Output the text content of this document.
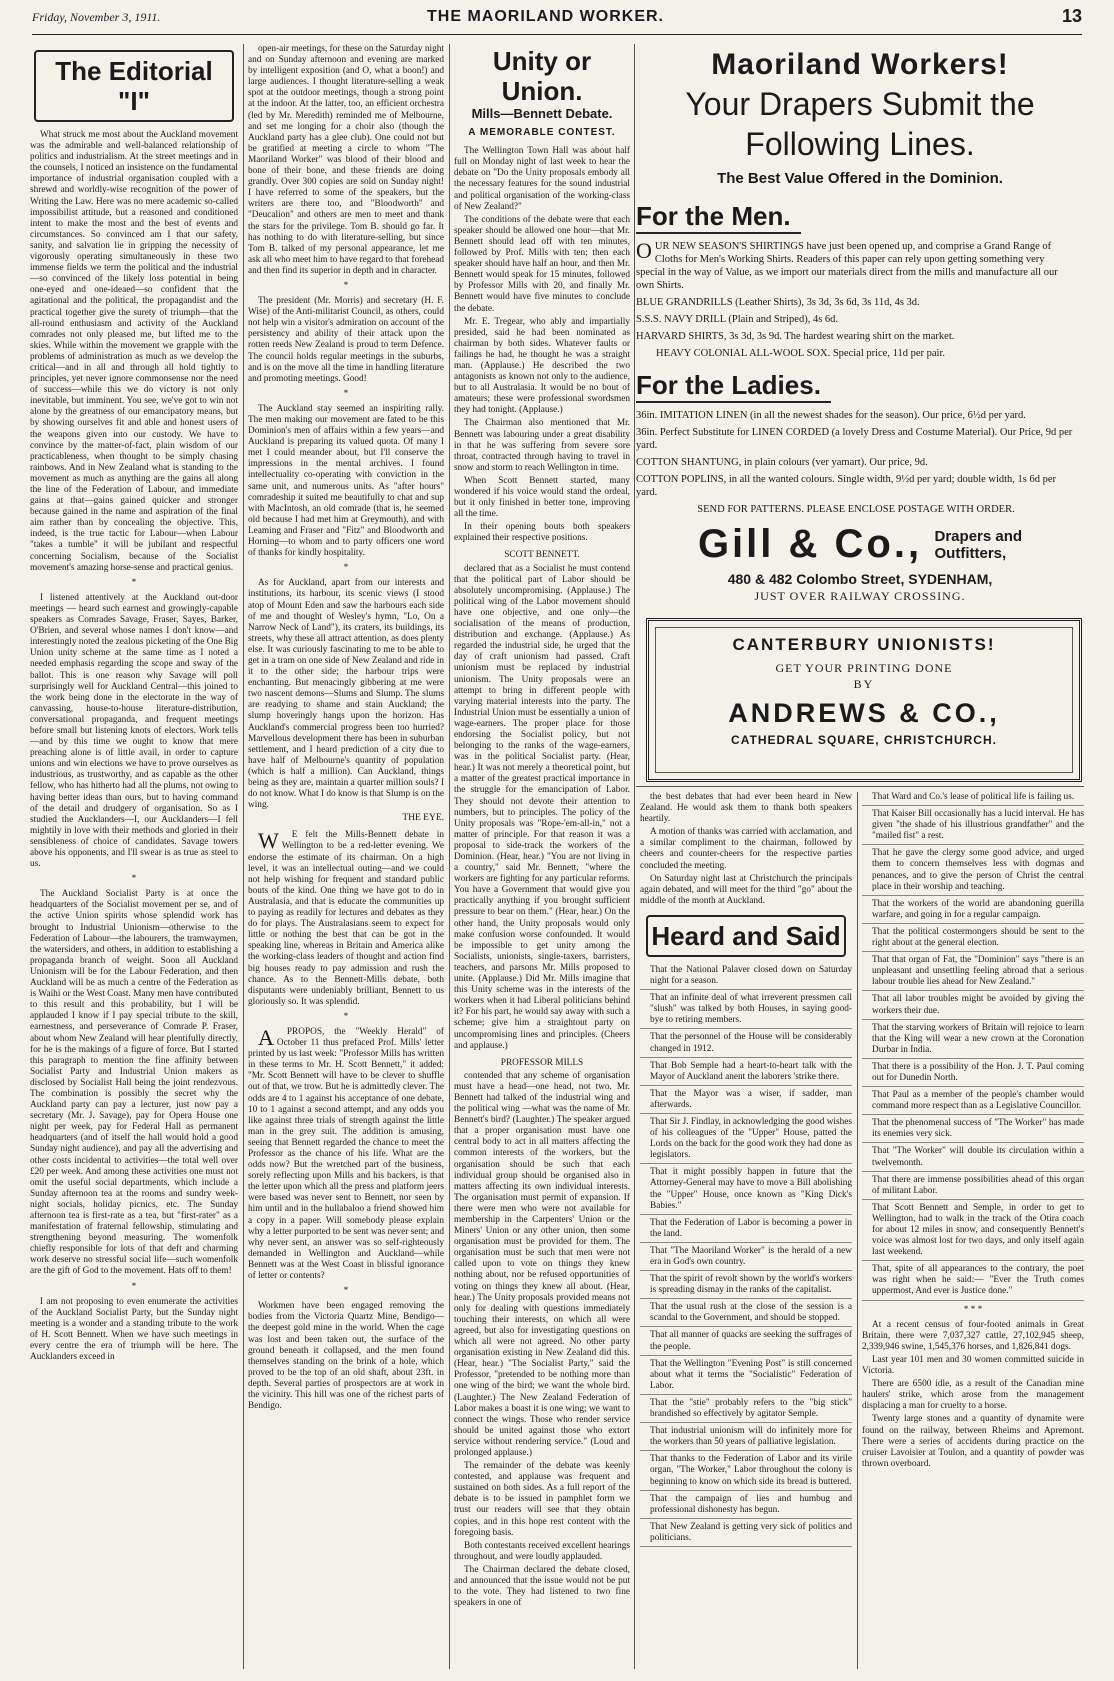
Friday, November 3, 1911.	THE MAORILAND WORKER.	13
The Editorial "I"

What struck me most about the Auckland movement was the admirable and well-balanced relationship of politics and industrialism. At the street meetings and in the counsels, I noticed an insistence on the fundamental importance of industrial organisation coupled with a shrewd and worldly-wise recognition of the power of Writing the Law. Here was no mere academic so-called impossibilist attitude, but a reasoned and conditioned intent to make the most and the best of events and circumstances. So convinced am I that our safety, sanity, and salvation lie in gripping the necessity of vigorously operating simultaneously in these two immense fields we term the political and the industrial—so convinced of the likely loss potential in being one-eyed and one-ideaed—so confident that the agitational and the political, the propagandist and the practical together give the surety of triumph—that the all-round enthusiasm and activity of the Auckland comrades not only pleased me, but lifted me to the skies. While within the movement we grapple with the problems of administration as much as we develop the critical—and in all and through all hold tightly to principles, yet never ignore commonsense nor the need of success—while this we do victory is not only inevitable, but imminent. You see, we've got to win not alone by the greatness of our emancipatory means, but by showing ourselves fit and able and honest users of the weapons given into our custody. We have to convince by the matter-of-fact, plain wisdom of our practicableness, when thought to be simply chasing rainbows. And in New Zealand what is standing to the movement as much as anything are the gains all along the line of the Federation of Labour, and immediate gains at that—gains gained quicker and stronger because gained in the name and aspiration of the final aim rather than by concealing the objective. This, indeed, is the true tactic for Labour—when Labour "takes a tumble" it will be jubilant and respectful concerning Socialism, because of the Socialist movement's amazing horse-sense and practical genius.

*

I listened attentively at the Auckland out-door meetings — heard such earnest and growingly-capable speakers as Comrades Savage, Fraser, Sayes, Barker, O'Brien, and several whose names I don't know—and interestingly noted the zealous picketing of the One Big Union unity scheme at the same time as I noted a needed emphasis regarding the scope and sway of the ballot. This is one reason why Savage will poll surprisingly well for Auckland Central—this joined to the work being done in the electorate in the way of canvassing, house-to-house literature-distribution, conversational propaganda, and frequent meetings before small but listening knots of electors. Work tells—and by this time we ought to know that mere preaching alone is of little avail, in order to capture unions and win elections we have to prove ourselves as industrious, as trustworthy, and as capable as the other fellow, who has hitherto had all the plums, not owing to having better ideas than ours, but to having command of the detail and drudgery of organisation. So as I studied the Aucklanders—I, our Aucklanders—I fell mightily in love with their methods and gloried in their sensibleness of choice of candidates. Savage towers above his opponents, and I'll swear is as true as steel to us.

*

The Auckland Socialist Party is at once the headquarters of the Socialist movement per se, and of the active Union spirits whose splendid work has brought to Industrial Unionism—otherwise to the Federation of Labour—the labourers, the tramwaymen, the watersiders, and others, in addition to establishing a propaganda branch of weight. Soon all Auckland Unionism will be for the Labour Federation, and then Auckland will be as much a centre of the Federation as is Waihi or the West Coast. Many men have contributed to this result and this probability, but I will be applauded I know if I pay special tribute to the skill, earnestness, and perseverance of Comrade P. Fraser, about whom New Zealand will hear plentifully directly, for he is the makings of a figure of force. But I started this paragraph to mention the fine affinity between Socialist Party and Industrial Union makers as disclosed by Socialist Hall being the joint rendezvous. The combination is possibly the secret why the Auckland party can pay a lecturer, just now pay a secretary (Mr. J. Savage), pay for Opera House one night per week, pay for Federal Hall as permanent headquarters (and of itself the hall would hold a good Sunday night audience), and pay all the advertising and other costs incidental to activities—the total well over £20 per week. And among these activities one must not omit the useful social departments, which include a Sunday afternoon tea at the rooms and sundry week-night socials, holiday picnics, etc. The Sunday afternoon tea is first-rate as a tea, but "first-rater" as a manifestation of fraternal fellowship, stimulating and strengthening beyond measuring. The womenfolk chiefly responsible for lots of that deft and charming work deserve no stressful social life—such womenfolk are the gift of God to the movement. Hats off to them!

*

I am not proposing to even enumerate the activities of the Auckland Socialist Party, but the Sunday night meeting is a wonder and a standing tribute to the work of H. Scott Bennett. When we have such meetings in every centre the era of triumph will be here. The Aucklanders exceed in

open-air meetings, for these on the Saturday night and on Sunday afternoon and evening are marked by intelligent exposition (and O, what a boon!) and large audiences. I thought literature-selling a weak spot at the outdoor meetings, though a strong point at the indoor. At the latter, too, an efficient orchestra (led by Mr. Meredith) reminded me of Melbourne, and set me longing for a choir also (though the Auckland party has a glee club). One could not but be gratified at meeting a circle to whom "The Maoriland Worker" was blood of their blood and bone of their bone, and these friends are doing grandly. Over 300 copies are sold on Sunday night! I have referred to some of the speakers, but the writers are there too, and "Bloodworth" and "Deucalion" and others are men to meet and thank the stars for the privilege. Tom B. should go far. It has nothing to do with literature-selling, but since Tom B. talked of my personal appearance, let me ask all who meet him to have regard to that forehead and then find its superior in depth and in character.

*

The president (Mr. Morris) and secretary (H. F. Wise) of the Anti-militarist Council, as others, could not help win a visitor's admiration on account of the persistency and ability of their attack upon the rotten reeds New Zealand is proud to term Defence. The council holds regular meetings in the suburbs, and is on the move all the time in handling literature and promoting meetings. Good!

*

The Auckland stay seemed an inspiriting rally. The men making our movement are fated to be this Dominion's men of affairs within a few years—and Auckland is preparing its valued quota. Of many I met I could meander about, but I'll conserve the impressions in the mental archives. I found intellectuality co-operating with conviction in the same unit, and numerous units. As "after hours" comradeship it suited me beautifully to chat and sup with MacIntosh, an old comrade (that is, he seemed old because I had met him at Greymouth), and with Leaming and Fraser and "Fitz" and Bloodworth and Horning—to whom and to party officers one word of thanks for kindly hospitality.

*

As for Auckland, apart from our interests and institutions, its harbour, its scenic views (I stood atop of Mount Eden and saw the harbours each side of me and thought of Wesley's hymn, "Lo, On a Narrow Neck of Land"), its craters, its buildings, its streets, why these all attract attention, as does plenty else. It was curiously fascinating to me to be able to get in a tram on one side of New Zealand and ride in it to the other side; the harbour trips were enchanting. But menacingly gibbering at me were two nascent demons—Slums and Slump. The slums are readying to shame and stain Auckland; the slump hoveringly hangs upon the horizon. Has Auckland's commercial progress been too hurried? Marvellous development there has been in suburban settlement, and I heard prediction of a city due to have half of Melbourne's quantity of population (which is half a million). Can Auckland, things being as they are, maintain a quarter million souls? I do not know. What I do know is that Slump is on the wing.

THE EYE.

W E felt the Mills-Bennett debate in Wellington to be a red-letter evening. We endorse the estimate of its chairman. On a high level, it was an intellectual outing—and we could not help wishing for frequent and standard public bouts of the kind. One thing we have got to do in Australasia, and that is educate the communities up to paying as readily for lectures and debates as they do for plays. The Australasians seem to expect for little or nothing the best that can be got in the speaking line, whereas in Britain and America alike the working-class leaders of thought and action find big houses ready to pay admission and rush the chance. As to the Bennett-Mills debate, both disputants were undeniably brilliant, Bennett to us gloriously so. It was splendid.

*

A PROPOS, the "Weekly Herald" of October 11 thus prefaced Prof. Mills' letter printed by us last week: "Professor Mills has written in these terms to Mr. H. Scott Bennett," it added: "Mr. Scott Bennett will have to be clever to shuffle out of that, we trow. But he is admittedly clever. The odds are 4 to 1 against his acceptance of one debate, 10 to 1 against a second attempt, and any odds you like against three trials of strength against the little man in the grey suit. The addition is amusing, seeing that Bennett regarded the chance to meet the Professor as the chance of his life. What are the odds now? But the wretched part of the business, sorely reflecting upon Mills and his backers, is that the letter upon which all the press and platform jeers were based was never sent to Bennett, nor seen by him until and in the hullabaloo a friend showed him a copy in a paper. Will somebody please explain why a letter purported to be sent was never sent; and why never sent, an answer was so self-righteously demanded in Wellington and Auckland—while Bennett was at the West Coast in blissful ignorance of letter or contents?

*

Workmen have been engaged removing the bodies from the Victoria Quartz Mine, Bendigo—the deepest gold mine in the world. When the cage was lost and been taken out, the surface of the ground beneath it collapsed, and the men found themselves standing on the brink of a hole, which proved to be the top of an old shaft, about 23ft. in depth. Several parties of prospectors are at work in the vicinity. This hill was one of the richest parts of Bendigo.

Unity or Union.
Mills—Bennett Debate.
A MEMORABLE CONTEST.

The Wellington Town Hall was about half full on Monday night of last week to hear the debate on "Do the Unity proposals embody all the necessary features for the sound industrial and political organisation of the working-class of New Zealand?"

The conditions of the debate were that each speaker should be allowed one hour—that Mr. Bennett should lead off with ten minutes, followed by Prof. Mills with ten; then each speaker should have half an hour, and then Mr. Bennett would speak for 15 minutes, followed by Professor Mills with 20, and finally Mr. Bennett would have five minutes to conclude the debate.

Mr. E. Tregear, who ably and impartially presided, said he had been nominated as chairman by both sides. Whatever faults or failings he had, he thought he was a straight man. (Applause.) He described the two antagonists as known not only to the audience, but to all Australasia. It would be no bout of amateurs; these were professional swordsmen they had tonight. (Applause.)

The Chairman also mentioned that Mr. Bennett was labouring under a great disability in that he was suffering from severe sore throat, contracted through having to travel in snow and storm to reach Wellington in time.

When Scott Bennett started, many wondered if his voice would stand the ordeal, but it only finished in better tone, improving all the time.

In their opening bouts both speakers explained their respective positions.

SCOTT BENNETT.

declared that as a Socialist he must contend that the political part of Labor should be absolutely uncompromising. (Applause.) The political wing of the Labor movement should have one objective, and one only—the socialisation of the means of production, distribution and exchange. (Applause.) As regarded the industrial side, he urged that the day of craft unionism had passed. Craft unionism must be replaced by industrial unionism. The Unity proposals were an attempt to bring in different people with varying material interests into the party. The Industrial Union must be essentially a union of wage-earners. The proper place for those endorsing the Socialist policy, but not belonging to the ranks of the wage-earners, was in the political Socialist party. (Hear, hear.) It was not merely a theoretical point, but a matter of the greatest practical importance in the struggle for the emancipation of Labor. They should not devote their attention to numbers, but to principles. The policy of the Unity proposals was "Rope-'em-all-in," not a matter of principle. For that reason it was a proposal to side-track the workers of the Dominion. (Hear, hear.) "You are not living in a country," said Mr. Bennett, "where the workers are fighting for any particular reforms. You have a Government that would give you practically anything if you brought sufficient pressure to bear on them." (Hear, hear.) On the other hand, the Unity proposals would only make confusion worse confounded. It would be impossible to get unity among the Socialists, unionists, single-taxers, barristers, teachers, and parsons Mr. Mills proposed to unite. (Applause.) Did Mr. Mills imagine that this Unity scheme was in the interests of the workers when it had Liberal politicians behind it? For his part, he would say away with such a scheme; give him a straightout party on uncompromising lines and principles. (Cheers and applause.)

PROFESSOR MILLS

contended that any scheme of organisation must have a head—one head, not two. Mr. Bennett had talked of the industrial wing and the political wing —what was the name of Mr. Bennett's bird? (Laughter.) The speaker argued that a proper organisation must have one central body to act in all matters affecting the common interests of the workers, but the organisation should be such that each individual group should be organised also in matters affecting its own individual interests. The organisation must permit of expansion. If there were men who were not available for membership in the Carpenters' Union or the Miners' Union or any other union, then some organisation must be provided for them. The organisation must be such that men were not called upon to vote on things they knew nothing about, nor be refused opportunities of voting on things they knew all about. (Hear, hear.) The Unity proposals provided means not only for dealing with questions immediately touching their interests, on which all were agreed, but also for investigating questions on which all were not agreed. No other party organisation existing in New Zealand did this. (Hear, hear.) "The Socialist Party," said the Professor, "pretended to be nothing more than one wing of the bird; we want the whole bird. (Laughter.) The New Zealand Federation of Labor makes a boast it is one wing; we want to connect the wings. Those who render service should be united against those who extort service without rendering service." (Loud and prolonged applause.)

The remainder of the debate was keenly contested, and applause was frequent and sustained on both sides. As a full report of the debate is to be issued in pamphlet form we trust our readers will see that they obtain copies, and in this hope rest content with the foregoing basis.

Both contestants received excellent hearings throughout, and were loudly applauded.

The Chairman declared the debate closed, and announced that the issue would not be put to the vote. They had listened to two fine speakers in one of

Maoriland Workers!
Your Drapers Submit the
Following Lines.
The Best Value Offered in the Dominion.
For the Men.
OUR NEW SEASON'S SHIRTINGS have just been opened up, and comprise a Grand Range of Cloths for Men's Working Shirts. Readers of this paper can rely upon getting something very special in the way of Value, as we import our materials direct from the mills and manufacture all our own Shirts.
BLUE GRANDRILLS (Leather Shirts), 3s 3d, 3s 6d, 3s 11d, 4s 3d.
S.S.S. NAVY DRILL (Plain and Striped), 4s 6d.
HARVARD SHIRTS, 3s 3d, 3s 9d. The hardest wearing shirt on the market.
HEAVY COLONIAL ALL-WOOL SOX. Special price, 11d per pair.
For the Ladies.
36in. IMITATION LINEN (in all the newest shades for the season). Our price, 6½d per yard.
36in. Perfect Substitute for LINEN CORDED (a lovely Dress and Costume Material). Our Price, 9d per yard.
COTTON SHANTUNG, in plain colours (ver yamart). Our price, 9d.
COTTON POPLINS, in all the wanted colours. Single width, 9½d per yard; double width, 1s 6d per yard.
SEND FOR PATTERNS. PLEASE ENCLOSE POSTAGE WITH ORDER.
Gill & Co., Drapers and
Outfitters,
480 & 482 Colombo Street, SYDENHAM,
JUST OVER RAILWAY CROSSING.
CANTERBURY UNIONISTS!
GET YOUR PRINTING DONE
BY
ANDREWS & CO.,
CATHEDRAL SQUARE, CHRISTCHURCH.

the best debates that had ever been heard in New Zealand. He would ask them to thank both speakers heartily.

A motion of thanks was carried with acclamation, and a similar compliment to the chairman, followed by cheers and counter-cheers for the respective parties concluded the meeting.

On Saturday night last at Christchurch the principals again debated, and will meet for the third "go" about the middle of the month at Auckland.

Heard and Said

That the National Palaver closed down on Saturday night for a season.

That an infinite deal of what irreverent pressmen call "slush" was talked by both Houses, in saying good-bye to retiring members.

That the personnel of the House will be considerably changed in 1912.

That Bob Semple had a heart-to-heart talk with the Mayor of Auckland anent the laborers 'strike there.

That the Mayor was a wiser, if sadder, man afterwards.

That Sir J. Findlay, in acknowledging the good wishes of his colleagues of the "Upper" House, patted the Lords on the back for the good work they had done as legislators.

That it might possibly happen in future that the Attorney-General may have to move a Bill abolishing the "Upper" House, once known as "King Dick's Babies."

That the Federation of Labor is becoming a power in the land.

That "The Maoriland Worker" is the herald of a new era in God's own country.

That the spirit of revolt shown by the world's workers is spreading dismay in the ranks of the capitalist.

That the usual rush at the close of the session is a scandal to the Government, and should be stopped.

That all manner of quacks are seeking the suffrages of the people.

That the Wellington "Evening Post" is still concerned about what it terms the "Socialistic" Federation of Labor.

That the "stie" probably refers to the "big stick" brandished so effectively by agitator Semple.

That industrial unionism will do infinitely more for the workers than 50 years of palliative legislation.

That thanks to the Federation of Labor and its virile organ, "The Worker," Labor throughout the colony is beginning to know on which side its bread is buttered.

That the campaign of lies and humbug and professional dishonesty has begun.

That New Zealand is getting very sick of politics and politicians.

That Ward and Co.'s lease of political life is failing us.

That Kaiser Bill occasionally has a lucid interval. He has given "the shade of his illustrious grandfather" and the "mailed fist" a rest.

That he gave the clergy some good advice, and urged them to concern themselves less with dogmas and penances, and to give the person of Christ the central place in their worship and teaching.

That the workers of the world are abandoning guerilla warfare, and going in for a regular campaign.

That the political costermongers should be sent to the right about at the general election.

That that organ of Fat, the "Dominion" says "there is an unpleasant and unsettling feeling abroad that a serious labour trouble lies ahead for New Zealand."

That all labor troubles might be avoided by giving the workers their due.

That the starving workers of Britain will rejoice to learn that the King will wear a new crown at the Coronation Durbar in India.

That there is a possibility of the Hon. J. T. Paul coming out for Dunedin North.

That Paul as a member of the people's chamber would command more respect than as a Legislative Councillor.

That the phenomenal success of "The Worker" has made its enemies very sick.

That "The Worker" will double its circulation within a twelvemonth.

That there are immense possibilities ahead of this organ of militant Labor.

That Scott Bennett and Semple, in order to get to Wellington, had to walk in the track of the Otira coach for about 12 miles in snow, and consequently Bennett's voice was almost lost for two days, and only itself again last weekend.

That, spite of all appearances to the contrary, the poet was right when he said:— "Ever the Truth comes uppermost, And ever is Justice done."

* * *

At a recent census of four-footed animals in Great Britain, there were 7,037,327 cattle, 27,102,945 sheep, 2,339,946 swine, 1,545,376 horses, and 1,826,841 dogs.

Last year 101 men and 30 women committed suicide in Victoria.

There are 6500 idle, as a result of the Canadian mine haulers' strike, which arose from the management displacing a man for cruelty to a horse.

Twenty large stones and a quantity of dynamite were found on the railway, between Rheims and Apremont. There were a series of accidents during practice on the cruiser Lavoisier at Toulon, and a quantity of powder was thrown overboard.
